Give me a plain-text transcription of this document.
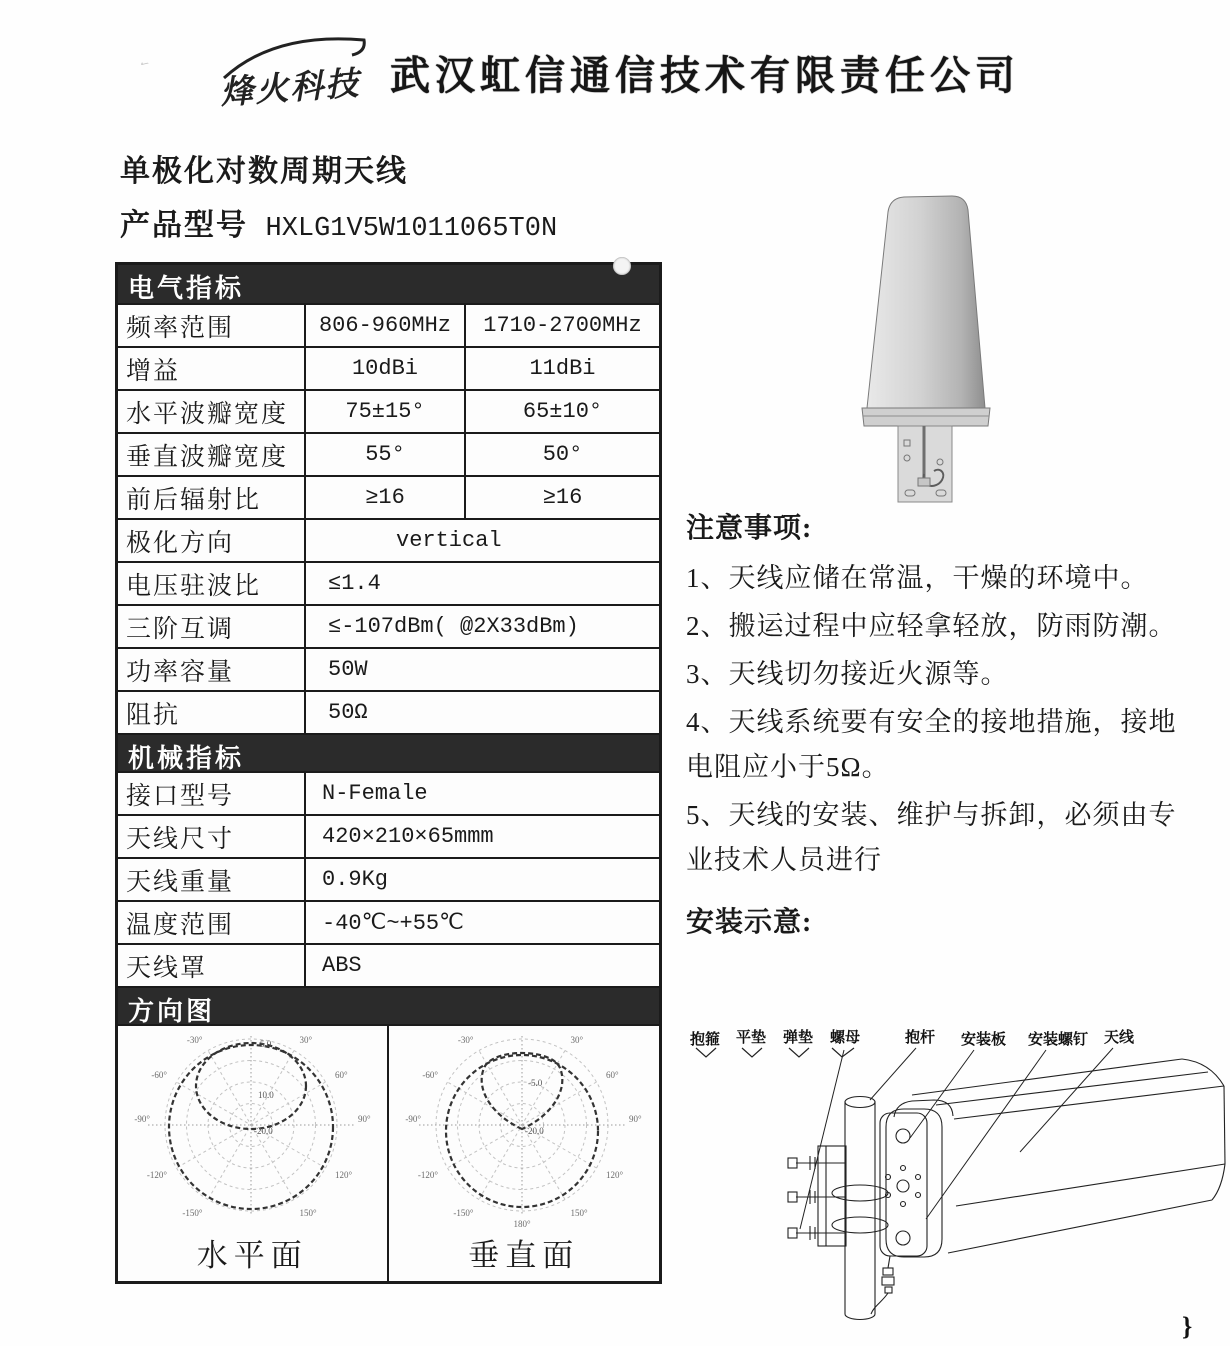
✓
烽火科技 武汉虹信通信技术有限责任公司
单极化对数周期天线
产品型号 HXLG1V5W1011065T0N
电气指标
频率范围	806-960MHz	1710-2700MHz
增益	10dBi	11dBi
水平波瓣宽度	75±15°	65±10°
垂直波瓣宽度	55°	50°
前后辐射比	≥16	≥16
极化方向	vertical
电压驻波比	≤1.4
三阶互调	≤-107dBm( @2X33dBm)
功率容量	50W
阻抗	50Ω
机械指标
接口型号	N-Female
天线尺寸	420×210×65mmm
天线重量	0.9Kg
温度范围	-40℃~+55℃
天线罩	ABS
方向图
-30°	30°
-60°	60°
-90°	90°
-120°	120°
-150°	150°
-5.0
10.0
-20.0
水平面
-30°	30°
-60°	60°
-90°	90°
-120°	120°
-150°	150°
180°
-5.0
-20.0
垂直面
注意事项:
1、天线应储在常温，干燥的环境中。
2、搬运过程中应轻拿轻放，防雨防潮。
3、天线切勿接近火源等。
4、天线系统要有安全的接地措施，接地电阻应小于5Ω。
5、天线的安装、维护与拆卸，必须由专业技术人员进行
安装示意:
抱箍 平垫 弹垫 螺母	抱杆 安装板 安装螺钉 天线
}
